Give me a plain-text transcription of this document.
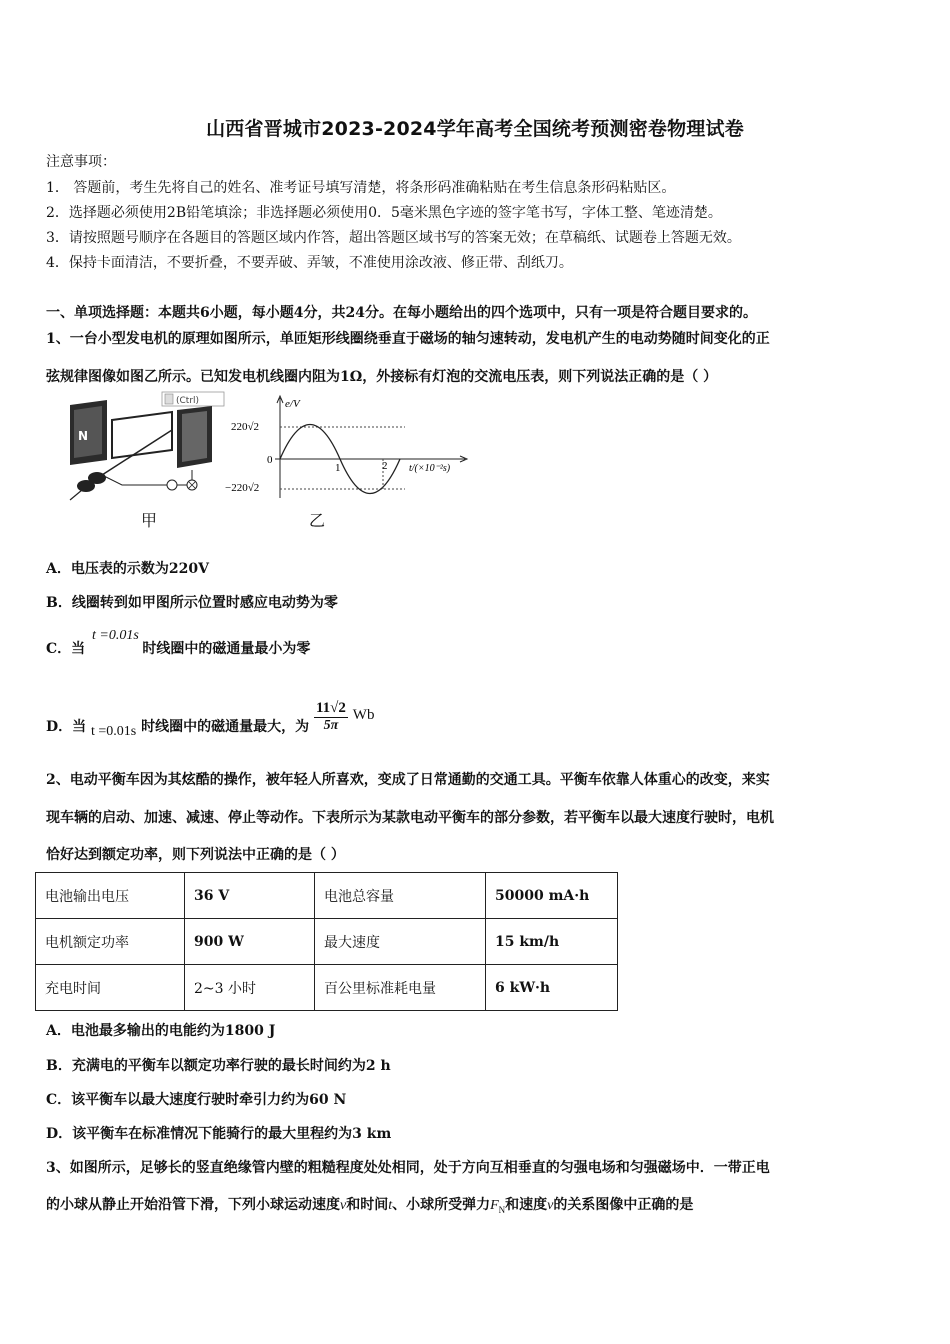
山西省晋城市2023-2024学年高考全国统考预测密卷物理试卷
注意事项：
1． 答题前，考生先将自己的姓名、准考证号填写清楚，将条形码准确粘贴在考生信息条形码粘贴区。
2．选择题必须使用2B铅笔填涂；非选择题必须使用0．5毫米黑色字迹的签字笔书写，字体工整、笔迹清楚。
3．请按照题号顺序在各题目的答题区域内作答，超出答题区域书写的答案无效；在草稿纸、试题卷上答题无效。
4．保持卡面清洁，不要折叠，不要弄破、弄皱，不准使用涂改液、修正带、刮纸刀。
一、单项选择题：本题共6小题，每小题4分，共24分。在每小题给出的四个选项中，只有一项是符合题目要求的。
1、一台小型发电机的原理如图所示，单匝矩形线圈绕垂直于磁场的轴匀速转动，发电机产生的电动势随时间变化的正
弦规律图像如图乙所示。已知发电机线圈内阻为1Ω，外接标有灯泡的交流电压表，则下列说法正确的是（ ）
(Ctrl)
N
e/V
220√2
0
−220√2
1	2 t/(×10⁻²s)
甲	乙
A．电压表的示数为220V
B．线圈转到如甲图所示位置时感应电动势为零
C．当 t =0.01s 时线圈中的磁通量最小为零
D．当 t =0.01s 时线圈中的磁通量最大，为 $\frac{11√2}{5\pi}$ Wb
2、电动平衡车因为其炫酷的操作，被年轻人所喜欢，变成了日常通勤的交通工具。平衡车依靠人体重心的改变，来实
现车辆的启动、加速、减速、停止等动作。下表所示为某款电动平衡车的部分参数，若平衡车以最大速度行驶时，电机
恰好达到额定功率，则下列说法中正确的是（ ）
电池输出电压	36 V	电池总容量	50000 mA·h
电机额定功率	900 W	最大速度	15 km/h
充电时间	2~3 小时	百公里标准耗电量	6 kW·h
A．电池最多输出的电能约为1800 J
B．充满电的平衡车以额定功率行驶的最长时间约为2 h
C．该平衡车以最大速度行驶时牵引力约为60 N
D．该平衡车在标准情况下能骑行的最大里程约为3 km
3、如图所示，足够长的竖直绝缘管内壁的粗糙程度处处相同，处于方向互相垂直的匀强电场和匀强磁场中．一带正电
的小球从静止开始沿管下滑，下列小球运动速度v和时间t、小球所受弹力$F_N$和速度v的关系图像中正确的是
